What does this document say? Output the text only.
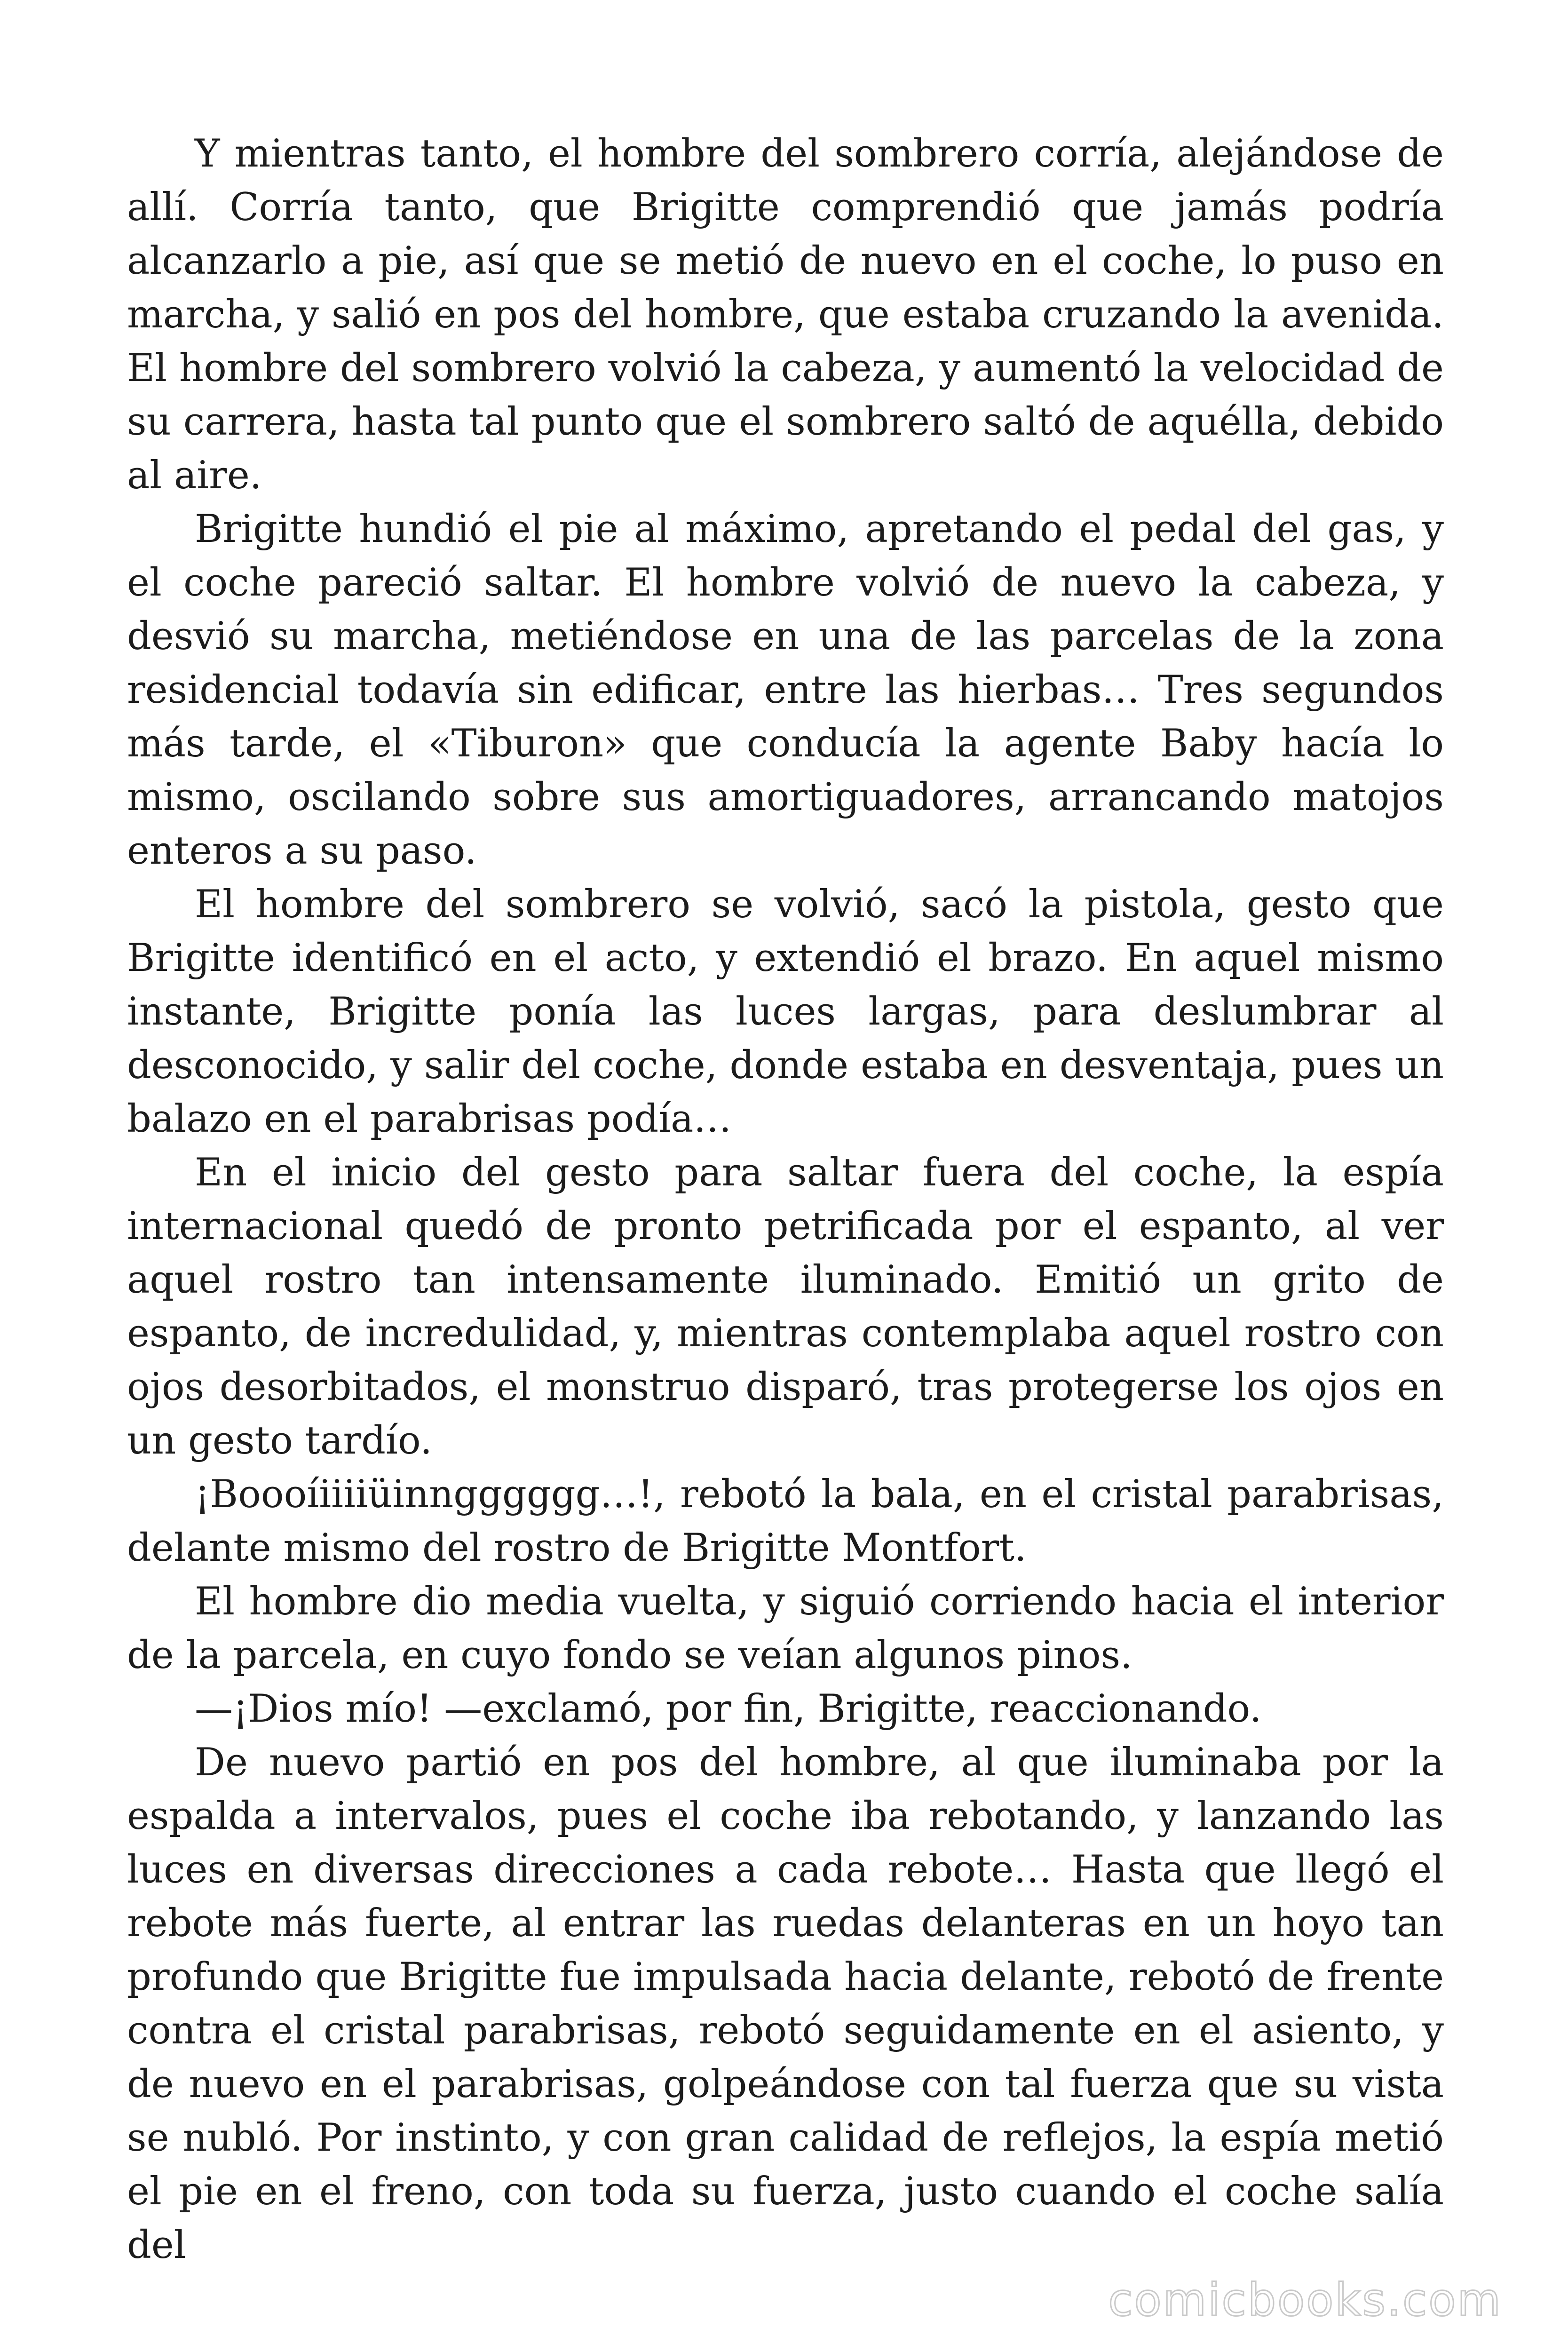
Y mientras tanto, el hombre del sombrero corría, alejándose de allí. Corría tanto, que Brigitte comprendió que jamás podría alcanzarlo a pie, así que se metió de nuevo en el coche, lo puso en marcha, y salió en pos del hombre, que estaba cruzando la avenida. El hombre del sombrero volvió la cabeza, y aumentó la velocidad de su carrera, hasta tal punto que el sombrero saltó de aquélla, debido al aire.

Brigitte hundió el pie al máximo, apretando el pedal del gas, y el coche pareció saltar. El hombre volvió de nuevo la cabeza, y desvió su marcha, metiéndose en una de las parcelas de la zona residencial todavía sin edificar, entre las hierbas… Tres segundos más tarde, el «Tiburon» que conducía la agente Baby hacía lo mismo, oscilando sobre sus amortiguadores, arrancando matojos enteros a su paso.

El hombre del sombrero se volvió, sacó la pistola, gesto que Brigitte identificó en el acto, y extendió el brazo. En aquel mismo instante, Brigitte ponía las luces largas, para deslumbrar al desconocido, y salir del coche, donde estaba en desventaja, pues un balazo en el parabrisas podía…

En el inicio del gesto para saltar fuera del coche, la espía internacional quedó de pronto petrificada por el espanto, al ver aquel rostro tan intensamente iluminado. Emitió un grito de espanto, de incredulidad, y, mientras contemplaba aquel rostro con ojos desorbitados, el monstruo disparó, tras protegerse los ojos en un gesto tardío.

¡Boooíiiiiüinngggggg…!, rebotó la bala, en el cristal parabrisas, delante mismo del rostro de Brigitte Montfort.

El hombre dio media vuelta, y siguió corriendo hacia el interior de la parcela, en cuyo fondo se veían algunos pinos.

—¡Dios mío! —exclamó, por fin, Brigitte, reaccionando.

De nuevo partió en pos del hombre, al que iluminaba por la espalda a intervalos, pues el coche iba rebotando, y lanzando las luces en diversas direcciones a cada rebote… Hasta que llegó el rebote más fuerte, al entrar las ruedas delanteras en un hoyo tan profundo que Brigitte fue impulsada hacia delante, rebotó de frente contra el cristal parabrisas, rebotó seguidamente en el asiento, y de nuevo en el parabrisas, golpeándose con tal fuerza que su vista se nubló. Por instinto, y con gran calidad de reflejos, la espía metió el pie en el freno, con toda su fuerza, justo cuando el coche salía del

comicbooks.com
